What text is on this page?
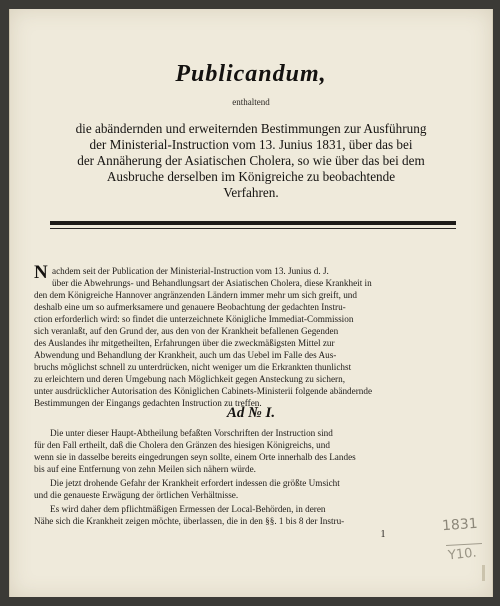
Publicandum,
enthaltend
die abändernden und erweiternden Bestimmungen zur Ausführung
der Ministerial-Instruction vom 13. Junius 1831, über das bei
der Annäherung der Asiatischen Cholera, so wie über das bei dem
Ausbruche derselben im Königreiche zu beobachtende
Verfahren.
N achdem seit der Publication der Ministerial-Instruction vom 13. Junius d. J.
über die Abwehrungs- und Behandlungsart der Asiatischen Cholera, diese Krankheit in
den dem Königreiche Hannover angränzenden Ländern immer mehr um sich greift, und
deshalb eine um so aufmerksamere und genauere Beobachtung der gedachten Instru-
ction erforderlich wird: so findet die unterzeichnete Königliche Immediat-Commission
sich veranlaßt, auf den Grund der, aus den von der Krankheit befallenen Gegenden
des Auslandes ihr mitgetheilten, Erfahrungen über die zweckmäßigsten Mittel zur
Abwendung und Behandlung der Krankheit, auch um das Uebel im Falle des Aus-
bruchs möglichst schnell zu unterdrücken, nicht weniger um die Erkrankten thunlichst
zu erleichtern und deren Umgebung nach Möglichkeit gegen Ansteckung zu sichern,
unter ausdrücklicher Autorisation des Königlichen Cabinets-Ministerii folgende abändernde
Bestimmungen der Eingangs gedachten Instruction zu treffen.
Ad № I.
Die unter dieser Haupt-Abtheilung befaßten Vorschriften der Instruction sind
für den Fall ertheilt, daß die Cholera den Gränzen des hiesigen Königreichs, und
wenn sie in dasselbe bereits eingedrungen seyn sollte, einem Orte innerhalb des Landes
bis auf eine Entfernung von zehn Meilen sich nähern würde.
Die jetzt drohende Gefahr der Krankheit erfordert indessen die größte Umsicht
und die genaueste Erwägung der örtlichen Verhältnisse.
Es wird daher dem pflichtmäßigen Ermessen der Local-Behörden, in deren
Nähe sich die Krankheit zeigen möchte, überlassen, die in den §§. 1 bis 8 der Instru-
1
1831
Y10.
